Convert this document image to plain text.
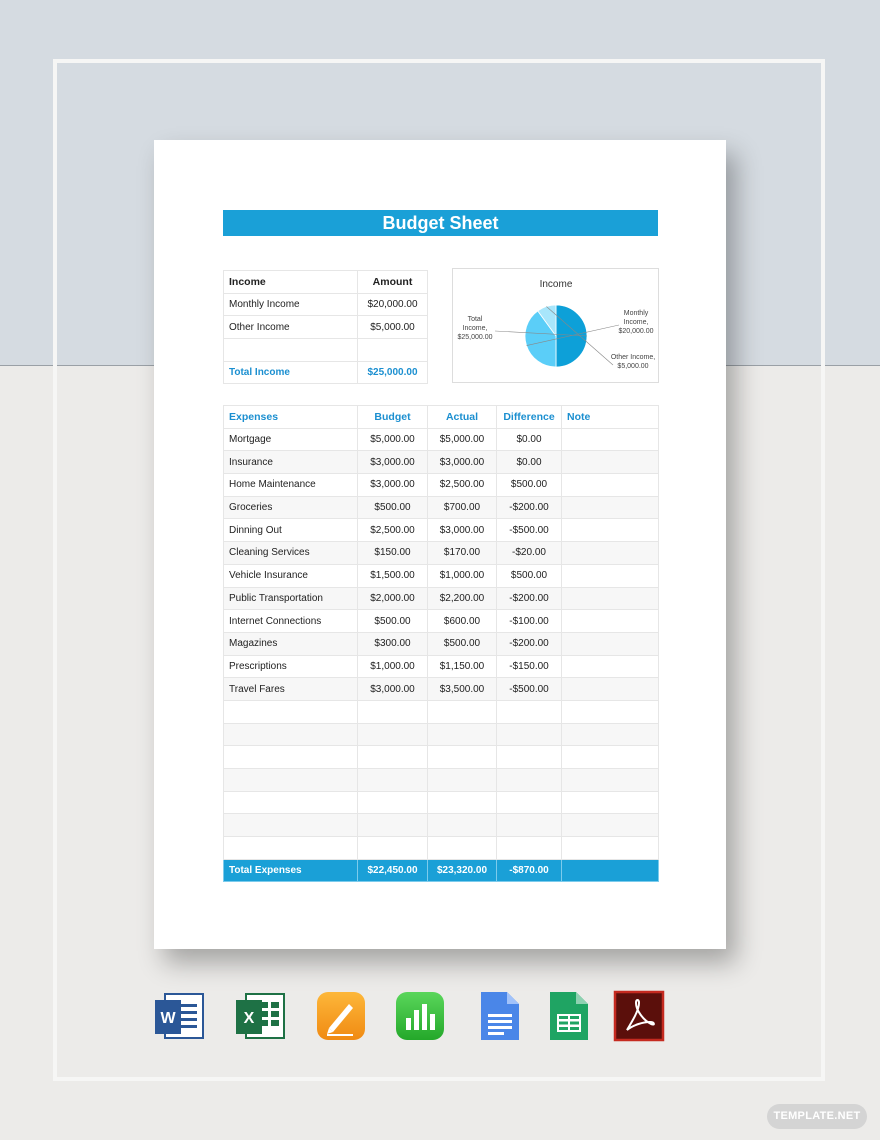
Budget Sheet
Income	Amount
Monthly Income	$20,000.00
Other Income	$5,000.00

Total Income	$25,000.00
Income
Total
Income,
$25,000.00
Monthly
Income,
$20,000.00
Other Income,
$5,000.00
Expenses	Budget	Actual	Difference	Note
Mortgage	$5,000.00	$5,000.00	$0.00	
Insurance	$3,000.00	$3,000.00	$0.00	
Home Maintenance	$3,000.00	$2,500.00	$500.00	
Groceries	$500.00	$700.00	-$200.00	
Dinning Out	$2,500.00	$3,000.00	-$500.00	
Cleaning Services	$150.00	$170.00	-$20.00	
Vehicle Insurance	$1,500.00	$1,000.00	$500.00	
Public Transportation	$2,000.00	$2,200.00	-$200.00	
Internet Connections	$500.00	$600.00	-$100.00	
Magazines	$300.00	$500.00	-$200.00	
Prescriptions	$1,000.00	$1,150.00	-$150.00	
Travel Fares	$3,000.00	$3,500.00	-$500.00	

Total Expenses	$22,450.00	$23,320.00	-$870.00	
W	X
TEMPLATE.NET
